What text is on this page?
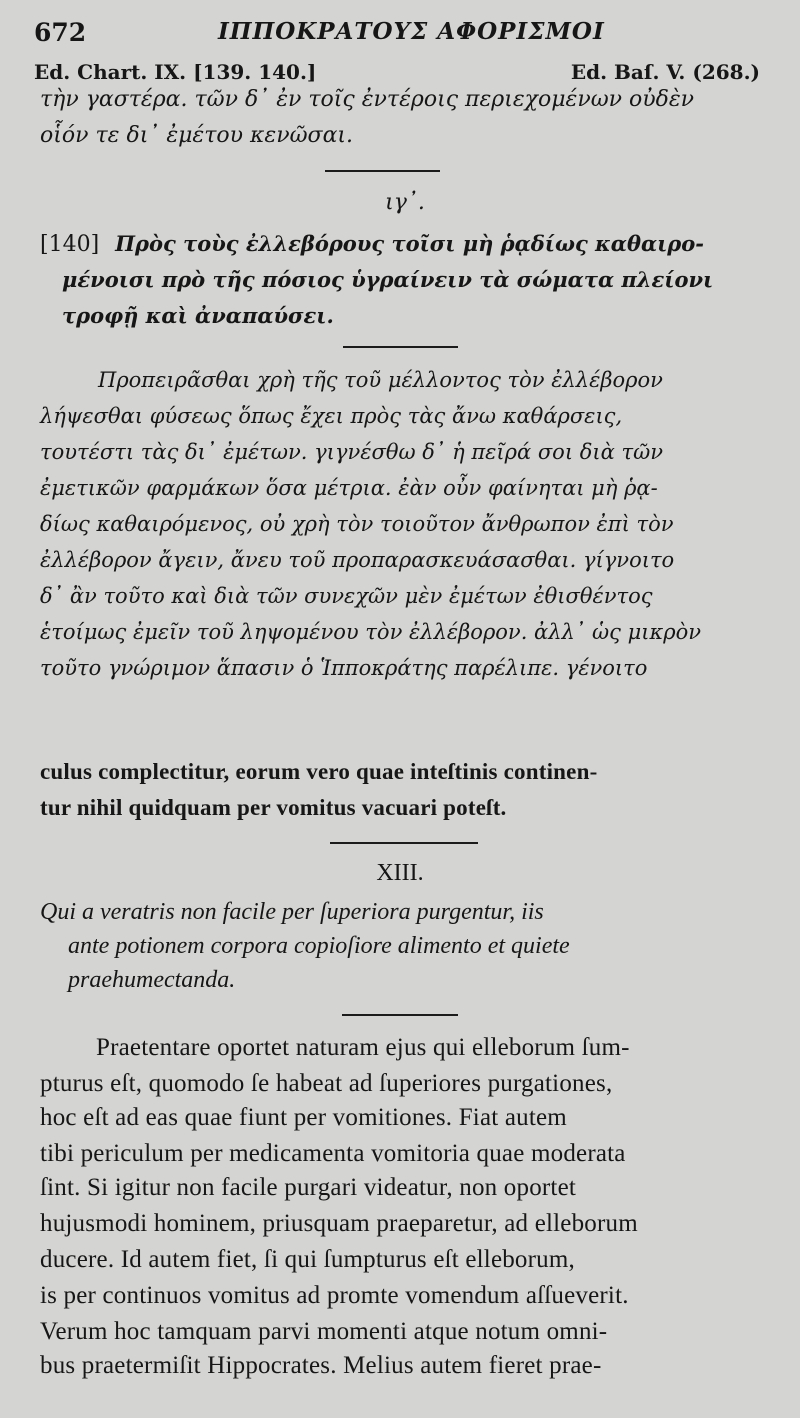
672	ΙΠΠΟΚΡΑΤΟΥΣ ΑΦΟΡΙΣΜΟΙ
Ed. Chart. IX. [139. 140.]	Ed. Baſ. V. (268.)
τὴν γαστέρα. τῶν δ᾽ ἐν τοῖς ἐντέροις περιεχομένων οὐδὲν
οἷόν τε δι᾽ ἐμέτου κενῶσαι.
ιγ᾽.
[140] Πρὸς τοὺς ἐλλεβόρους τοῖσι μὴ ῥᾳδίως καθαιρο-
μένοισι πρὸ τῆς πόσιος ὑγραίνειν τὰ σώματα πλείονι
τροφῇ καὶ ἀναπαύσει.
Προπειρᾶσθαι χρὴ τῆς τοῦ μέλλοντος τὸν ἐλλέβορον
λήψεσθαι φύσεως ὅπως ἔχει πρὸς τὰς ἄνω καθάρσεις,
τουτέστι τὰς δι᾽ ἐμέτων. γιγνέσθω δ᾽ ἡ πεῖρά σοι διὰ τῶν
ἐμετικῶν φαρμάκων ὅσα μέτρια. ἐὰν οὖν φαίνηται μὴ ῥᾳ-
δίως καθαιρόμενος, οὐ χρὴ τὸν τοιοῦτον ἄνθρωπον ἐπὶ τὸν
ἐλλέβορον ἄγειν, ἄνευ τοῦ προπαρασκευάσασθαι. γίγνοιτο
δ᾽ ἂν τοῦτο καὶ διὰ τῶν συνεχῶν μὲν ἐμέτων ἐθισθέντος
ἑτοίμως ἐμεῖν τοῦ ληψομένου τὸν ἐλλέβορον. ἀλλ᾽ ὡς μικρὸν
τοῦτο γνώριμον ἅπασιν ὁ Ἱπποκράτης παρέλιπε. γένοιτο
culus complectitur, eorum vero quae inteſtinis continen-
tur nihil quidquam per vomitus vacuari poteſt.
XIII.
Qui a veratris non facile per ſuperiora purgentur, iis
ante potionem corpora copioſiore alimento et quiete
praehumectanda.
Praetentare oportet naturam ejus qui elleborum ſum-
pturus eſt, quomodo ſe habeat ad ſuperiores purgationes,
hoc eſt ad eas quae fiunt per vomitiones. Fiat autem
tibi periculum per medicamenta vomitoria quae moderata
ſint. Si igitur non facile purgari videatur, non oportet
hujusmodi hominem, priusquam praeparetur, ad elleborum
ducere. Id autem fiet, ſi qui ſumpturus eſt elleborum,
is per continuos vomitus ad promte vomendum aſſueverit.
Verum hoc tamquam parvi momenti atque notum omni-
bus praetermiſit Hippocrates. Melius autem fieret prae-
